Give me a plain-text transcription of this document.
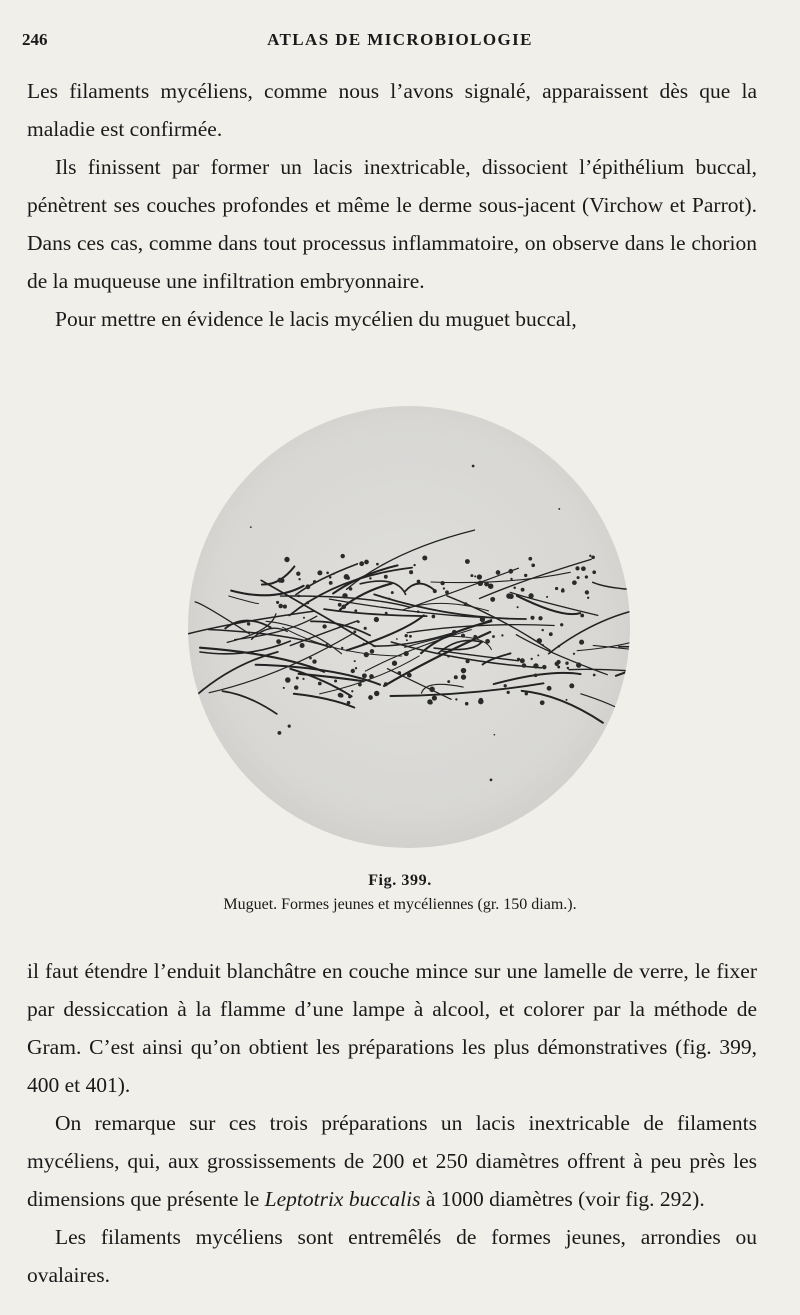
246	ATLAS DE MICROBIOLOGIE

Les filaments mycéliens, comme nous l’avons signalé, apparaissent dès que la maladie est confirmée.

Ils finissent par former un lacis inextricable, dissocient l’épithélium buccal, pénètrent ses couches profondes et même le derme sous-jacent (Virchow et Parrot). Dans ces cas, comme dans tout processus inflammatoire, on observe dans le chorion de la muqueuse une infiltration embryonnaire.

Pour mettre en évidence le lacis mycélien du muguet buccal,

Fig. 399.
Muguet. Formes jeunes et mycéliennes (gr. 150 diam.).

il faut étendre l’enduit blanchâtre en couche mince sur une lamelle de verre, le fixer par dessiccation à la flamme d’une lampe à alcool, et colorer par la méthode de Gram. C’est ainsi qu’on obtient les préparations les plus démonstratives (fig. 399, 400 et 401).

On remarque sur ces trois préparations un lacis inextricable de filaments mycéliens, qui, aux grossissements de 200 et 250 diamètres offrent à peu près les dimensions que présente le Leptotrix buccalis à 1000 diamètres (voir fig. 292).

Les filaments mycéliens sont entremêlés de formes jeunes, arrondies ou ovalaires.
